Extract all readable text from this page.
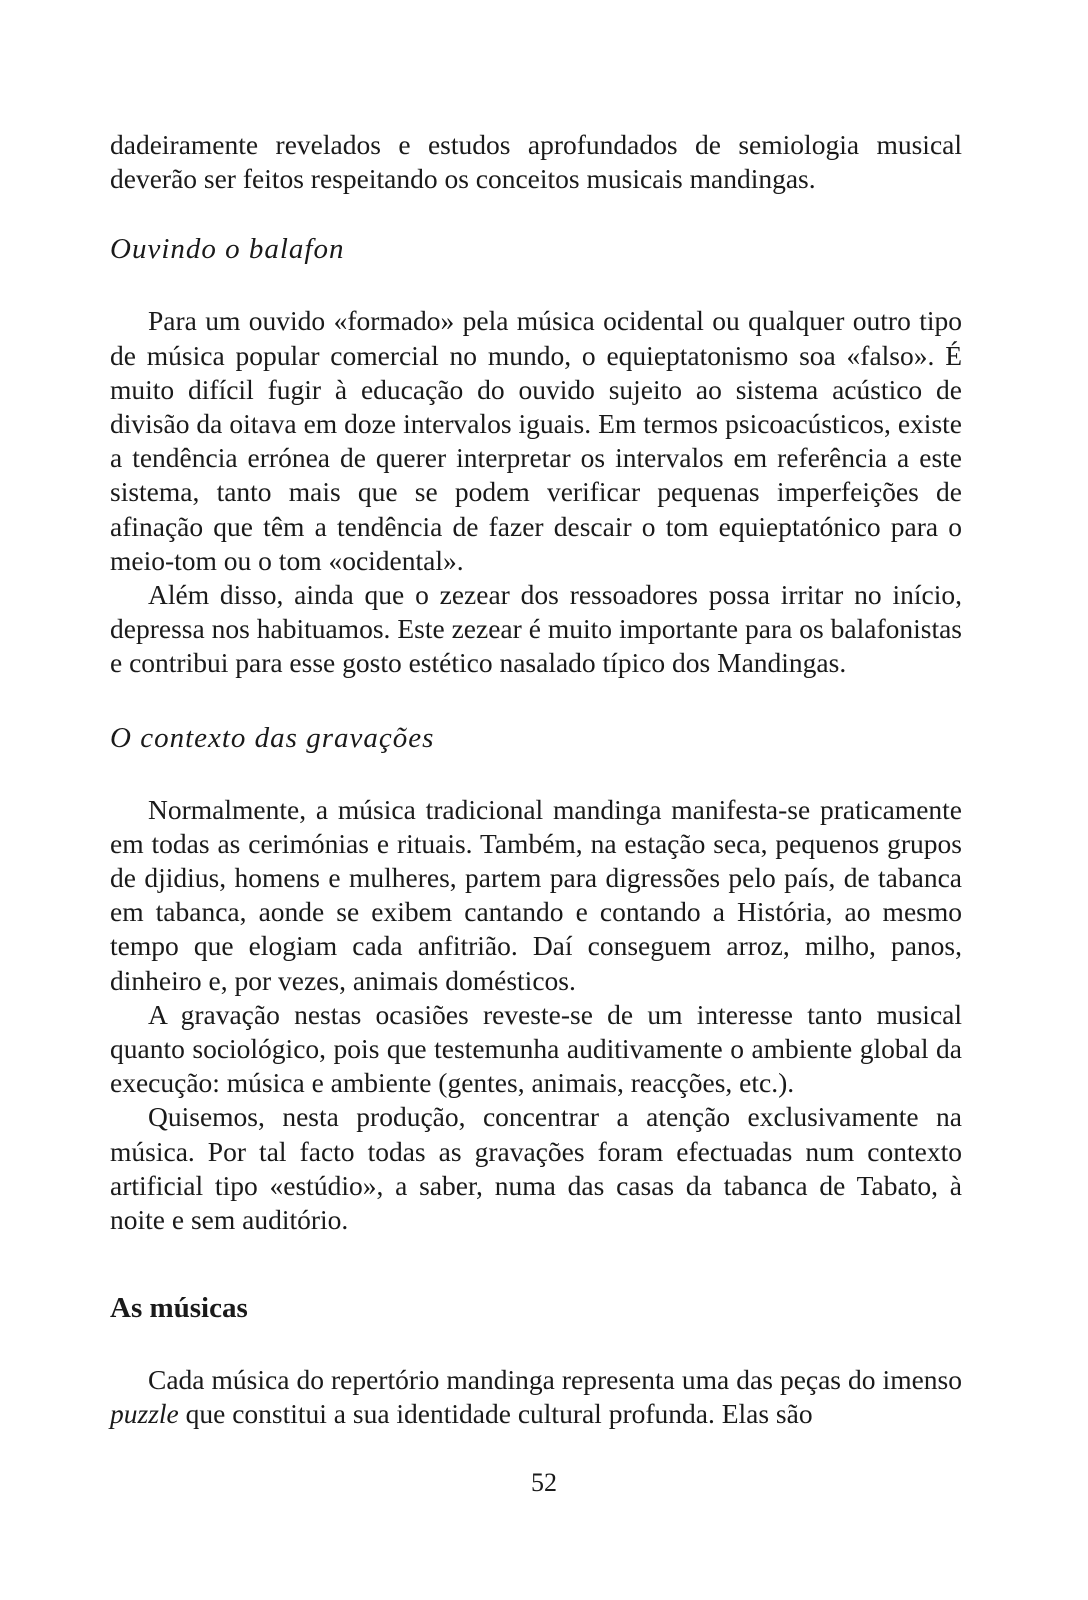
dadeiramente revelados e estudos aprofundados de semiologia musical deverão ser feitos respeitando os conceitos musicais mandingas.

Ouvindo o balafon

Para um ouvido «formado» pela música ocidental ou qualquer outro tipo de música popular comercial no mundo, o equieptatonismo soa «falso». É muito difícil fugir à educação do ouvido sujeito ao sistema acústico de divisão da oitava em doze intervalos iguais. Em termos psicoacústicos, existe a tendência errónea de querer interpretar os intervalos em referência a este sistema, tanto mais que se podem verificar pequenas imperfeições de afinação que têm a tendência de fazer descair o tom equieptatónico para o meio-tom ou o tom «ocidental».

Além disso, ainda que o zezear dos ressoadores possa irritar no início, depressa nos habituamos. Este zezear é muito importante para os balafonistas e contribui para esse gosto estético nasalado típico dos Mandingas.

O contexto das gravações

Normalmente, a música tradicional mandinga manifesta-se praticamente em todas as cerimónias e rituais. Também, na estação seca, pequenos grupos de djidius, homens e mulheres, partem para digressões pelo país, de tabanca em tabanca, aonde se exibem cantando e contando a História, ao mesmo tempo que elogiam cada anfitrião. Daí conseguem arroz, milho, panos, dinheiro e, por vezes, animais domésticos.

A gravação nestas ocasiões reveste-se de um interesse tanto musical quanto sociológico, pois que testemunha auditivamente o ambiente global da execução: música e ambiente (gentes, animais, reacções, etc.).

Quisemos, nesta produção, concentrar a atenção exclusivamente na música. Por tal facto todas as gravações foram efectuadas num contexto artificial tipo «estúdio», a saber, numa das casas da tabanca de Tabato, à noite e sem auditório.

As músicas

Cada música do repertório mandinga representa uma das peças do imenso puzzle que constitui a sua identidade cultural profunda. Elas são

52
